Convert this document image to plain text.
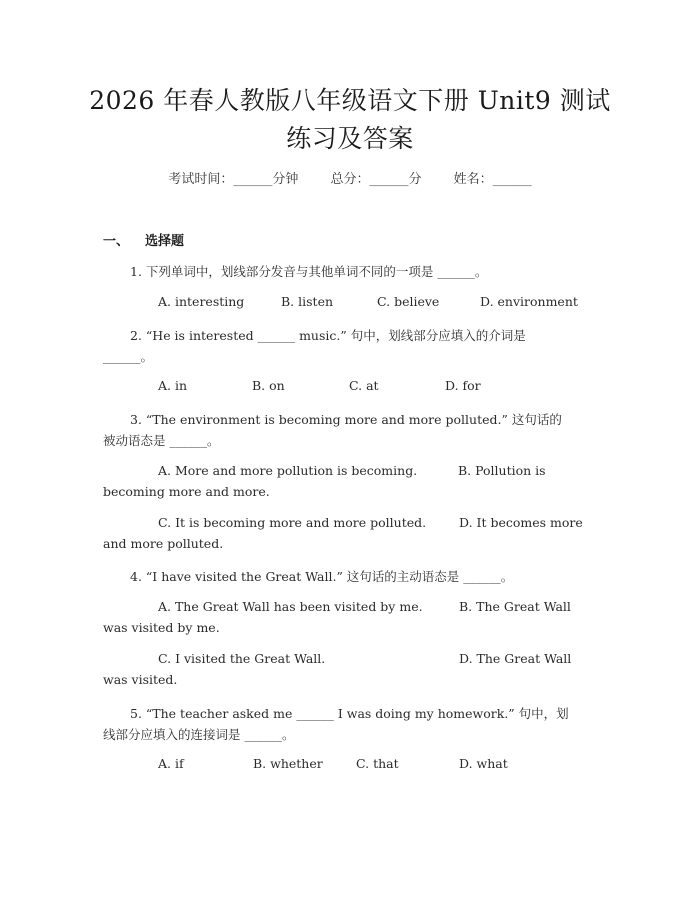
2026 年春人教版八年级语文下册 Unit9 测试
练习及答案
考试时间：______分钟 总分：______分 姓名：______
一、 选择题
1. 下列单词中，划线部分发音与其他单词不同的一项是 ______。
A. interesting	B. listen	C. believe	D. environment
2. “He is interested ______ music.” 句中，划线部分应填入的介词是
______。
A. in	B. on	C. at	D. for
3. “The environment is becoming more and more polluted.” 这句话的
被动语态是 ______。
A. More and more pollution is becoming.	B. Pollution is
becoming more and more.
C. It is becoming more and more polluted.	D. It becomes more
and more polluted.
4. “I have visited the Great Wall.” 这句话的主动语态是 ______。
A. The Great Wall has been visited by me.	B. The Great Wall
was visited by me.
C. I visited the Great Wall.	D. The Great Wall
was visited.
5. “The teacher asked me ______ I was doing my homework.” 句中，划
线部分应填入的连接词是 ______。
A. if	B. whether	C. that	D. what
